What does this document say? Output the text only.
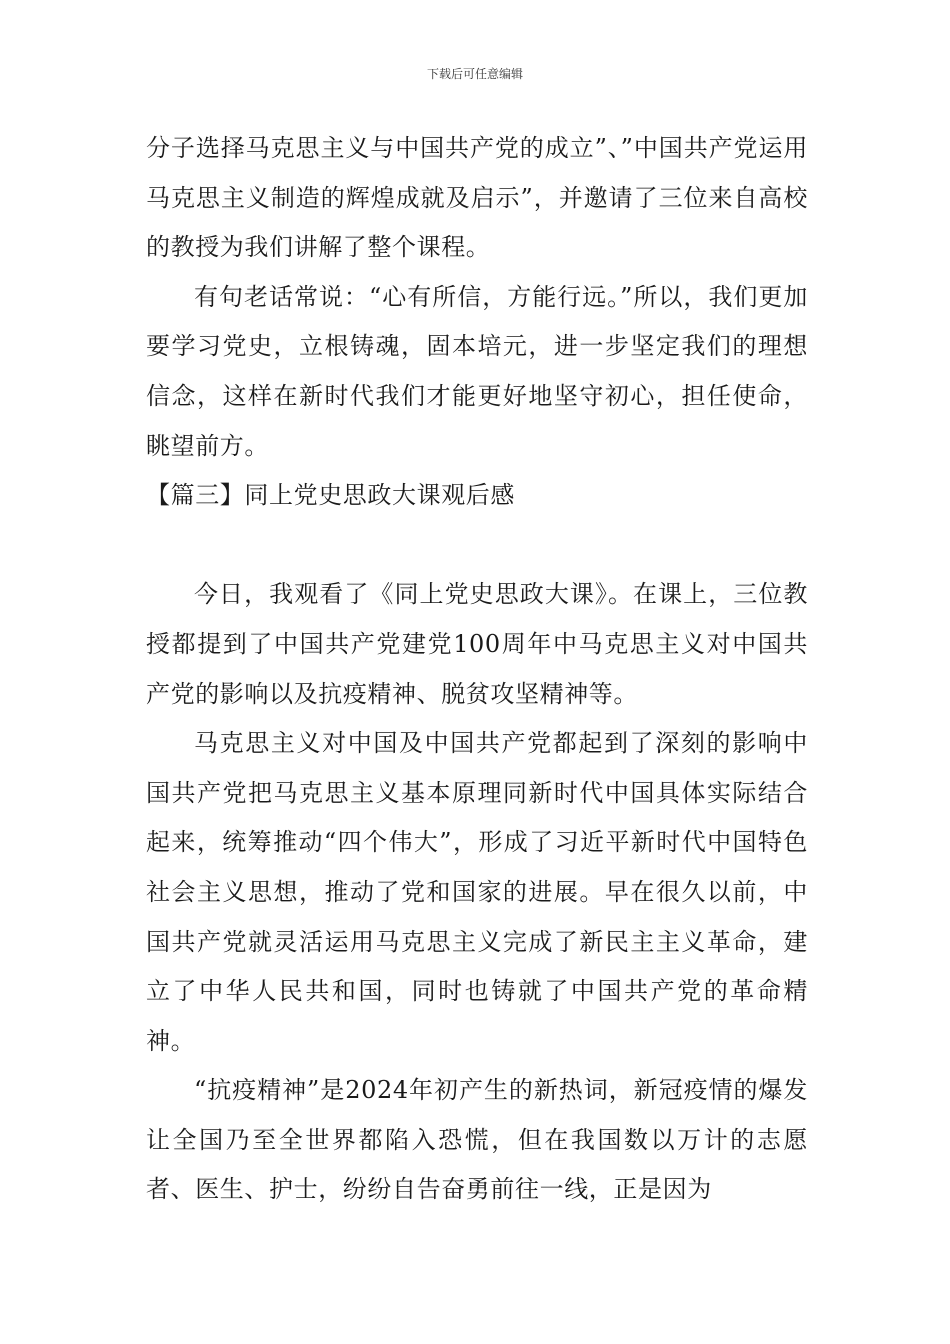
下载后可任意编辑

分子选择马克思主义与中国共产党的成立”、”中国共产党运用马克思主义制造的辉煌成就及启示”，并邀请了三位来自高校的教授为我们讲解了整个课程。

有句老话常说：“心有所信，方能行远。”所以，我们更加要学习党史，立根铸魂，固本培元，进一步坚定我们的理想信念，这样在新时代我们才能更好地坚守初心，担任使命，眺望前方。

【篇三】同上党史思政大课观后感

今日，我观看了《同上党史思政大课》。在课上，三位教授都提到了中国共产党建党100周年中马克思主义对中国共产党的影响以及抗疫精神、脱贫攻坚精神等。

马克思主义对中国及中国共产党都起到了深刻的影响中国共产党把马克思主义基本原理同新时代中国具体实际结合起来，统筹推动“四个伟大”，形成了习近平新时代中国特色社会主义思想，推动了党和国家的进展。早在很久以前，中国共产党就灵活运用马克思主义完成了新民主主义革命，建立了中华人民共和国，同时也铸就了中国共产党的革命精神。

“抗疫精神”是2024年初产生的新热词，新冠疫情的爆发让全国乃至全世界都陷入恐慌，但在我国数以万计的志愿者、医生、护士，纷纷自告奋勇前往一线，正是因为
